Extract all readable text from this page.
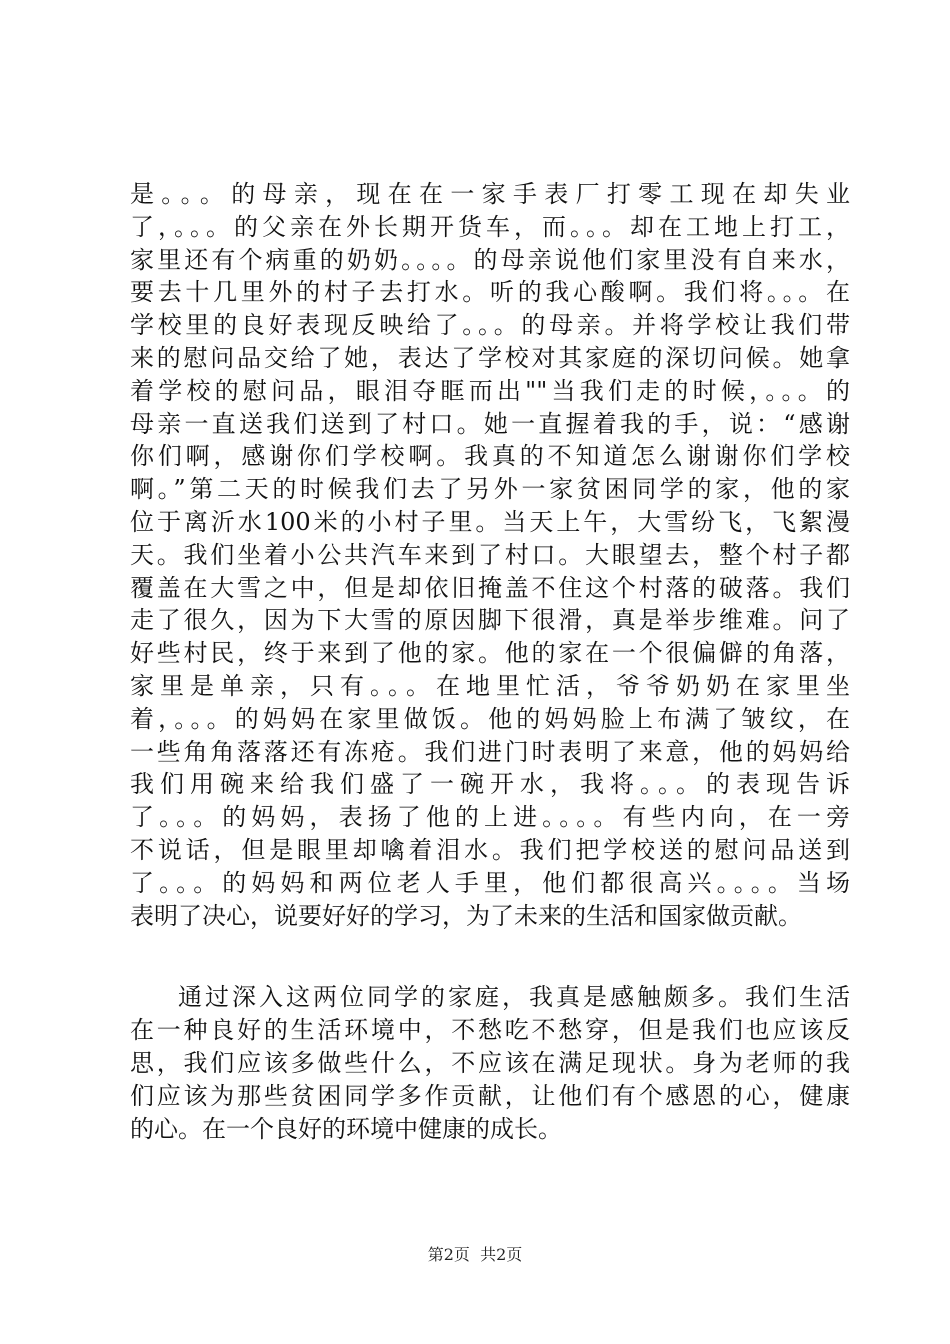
是。。。的母亲，现在在一家手表厂打零工现在却失业
了，。。。的父亲在外长期开货车，而。。。却在工地上打工，
家里还有个病重的奶奶。。。。的母亲说他们家里没有自来水，
要去十几里外的村子去打水。听的我心酸啊。我们将。。。在
学校里的良好表现反映给了。。。的母亲。并将学校让我们带
来的慰问品交给了她，表达了学校对其家庭的深切问候。她拿
着学校的慰问品，眼泪夺眶而出""当我们走的时候，。。。的
母亲一直送我们送到了村口。她一直握着我的手，说：“感谢
你们啊，感谢你们学校啊。我真的不知道怎么谢谢你们学校
啊。”第二天的时候我们去了另外一家贫困同学的家，他的家
位于离沂水100米的小村子里。当天上午，大雪纷飞，飞絮漫
天。我们坐着小公共汽车来到了村口。大眼望去，整个村子都
覆盖在大雪之中，但是却依旧掩盖不住这个村落的破落。我们
走了很久，因为下大雪的原因脚下很滑，真是举步维难。问了
好些村民，终于来到了他的家。他的家在一个很偏僻的角落，
家里是单亲，只有。。。在地里忙活，爷爷奶奶在家里坐
着，。。。的妈妈在家里做饭。他的妈妈脸上布满了皱纹，在
一些角角落落还有冻疮。我们进门时表明了来意，他的妈妈给
我们用碗来给我们盛了一碗开水，我将。。。的表现告诉
了。。。的妈妈，表扬了他的上进。。。。有些内向，在一旁
不说话，但是眼里却噙着泪水。我们把学校送的慰问品送到
了。。。的妈妈和两位老人手里，他们都很高兴。。。。当场
表明了决心，说要好好的学习，为了未来的生活和国家做贡献。
通过深入这两位同学的家庭，我真是感触颇多。我们生活
在一种良好的生活环境中，不愁吃不愁穿，但是我们也应该反
思，我们应该多做些什么，不应该在满足现状。身为老师的我
们应该为那些贫困同学多作贡献，让他们有个感恩的心，健康
的心。在一个良好的环境中健康的成长。
第2页  共2页
